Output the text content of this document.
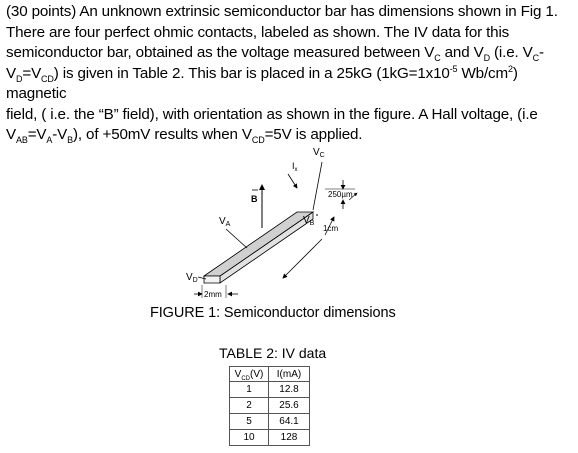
(30 points) An unknown extrinsic semiconductor bar has dimensions shown in Fig 1.

There are four perfect ohmic contacts, labeled as shown. The IV data for this

semiconductor bar, obtained as the voltage measured between $V_C$ and $V_D$ (i.e. $V_C-$

$V_D=V_{CD}$) is given in Table 2. This bar is placed in a 25kG ($1kG=1x10^{-5}$ $Wb/cm^2$) magnetic

field, ( i.e. the “B” field), with orientation as shown in the figure. A Hall voltage, (i.e

$V_{AB}=V_A-V_B$), of +50mV results when $V_{CD}=5V$ is applied.

B
$I_x$
$V_C$
$V_A$	$V_B$
$V_D$
250µm
1cm
2mm
FIGURE 1: Semiconductor dimensions
TABLE 2: IV data
$V_{CD}(V)$	I(mA)
1	12.8
2	25.6
5	64.1
10	128
